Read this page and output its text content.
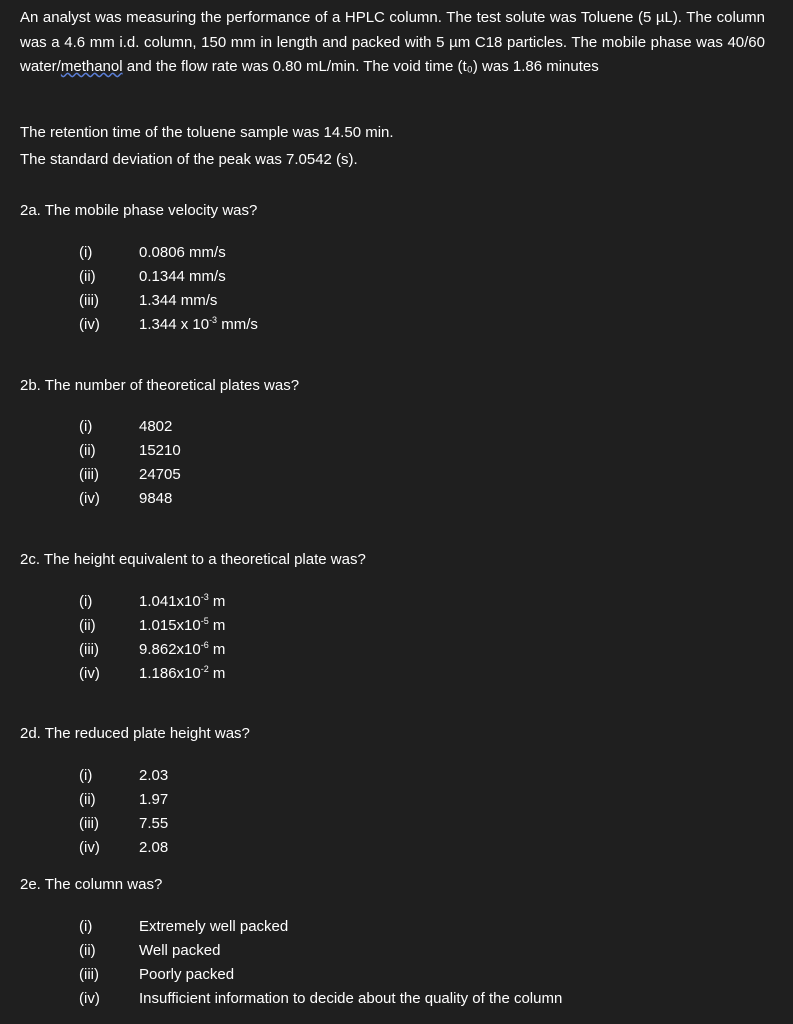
An analyst was measuring the performance of a HPLC column. The test solute was Toluene (5 µL). The column was a 4.6 mm i.d. column, 150 mm in length and packed with 5 µm C18 particles. The mobile phase was 40/60 water/methanol and the flow rate was 0.80 mL/min. The void time (t₀) was 1.86 minutes
The retention time of the toluene sample was 14.50 min.
The standard deviation of the peak was 7.0542 (s).
2a. The mobile phase velocity was?
(i)	0.0806 mm/s
(ii)	0.1344 mm/s
(iii)	1.344 mm/s
(iv)	1.344 x $10^{-3}$ mm/s
2b. The number of theoretical plates was?
(i)	4802
(ii)	15210
(iii)	24705
(iv)	9848
2c. The height equivalent to a theoretical plate was?
(i)	$1.041x10^{-3}$ m
(ii)	$1.015x10^{-5}$ m
(iii)	$9.862x10^{-6}$ m
(iv)	$1.186x10^{-2}$ m
2d. The reduced plate height was?
(i)	2.03
(ii)	1.97
(iii)	7.55
(iv)	2.08
2e. The column was?
(i)	Extremely well packed
(ii)	Well packed
(iii)	Poorly packed
(iv)	Insufficient information to decide about the quality of the column
